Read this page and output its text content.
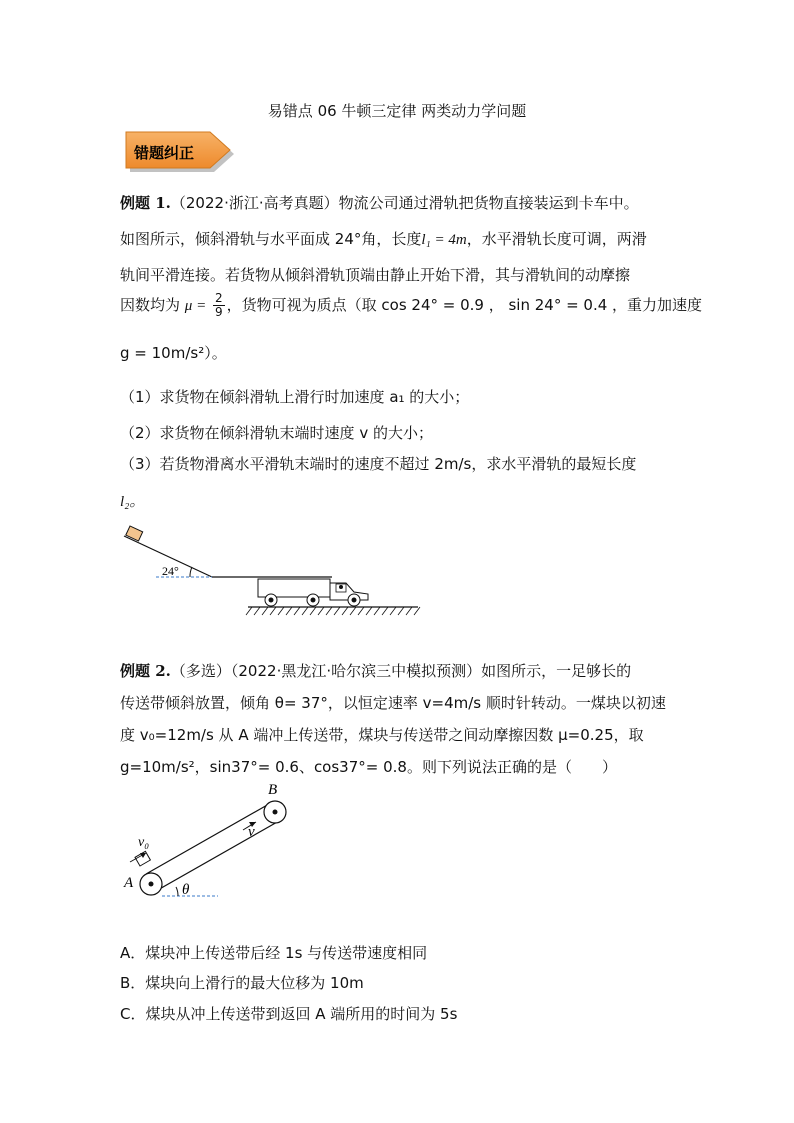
易错点 06 牛顿三定律 两类动力学问题
错题纠正
例题 1.（2022·浙江·高考真题）物流公司通过滑轨把货物直接装运到卡车中。
如图所示，倾斜滑轨与水平面成 24°角，长度l₁ = 4m，水平滑轨长度可调，两滑
轨间平滑连接。若货物从倾斜滑轨顶端由静止开始下滑，其与滑轨间的动摩擦
因数均为 $\mu = \frac{2}{9}$ ，货物可视为质点（取 cos 24° = 0.9 ， sin 24° = 0.4 ，重力加速度
g = 10m/s²）。
（1）求货物在倾斜滑轨上滑行时加速度 a₁ 的大小；
（2）求货物在倾斜滑轨末端时速度 v 的大小；
（3）若货物滑离水平滑轨末端时的速度不超过 2m/s，求水平滑轨的最短长度
l₂。
24°
例题 2.（多选）（2022·黑龙江·哈尔滨三中模拟预测）如图所示，一足够长的
传送带倾斜放置，倾角 θ= 37°，以恒定速率 v=4m/s 顺时针转动。一煤块以初速
度 v₀=12m/s 从 A 端冲上传送带，煤块与传送带之间动摩擦因数 μ=0.25，取
g=10m/s²，sin37°= 0.6、cos37°= 0.8。则下列说法正确的是（　　）
B
A
v
v₀
θ
A．煤块冲上传送带后经 1s 与传送带速度相同
B．煤块向上滑行的最大位移为 10m
C．煤块从冲上传送带到返回 A 端所用的时间为 5s
